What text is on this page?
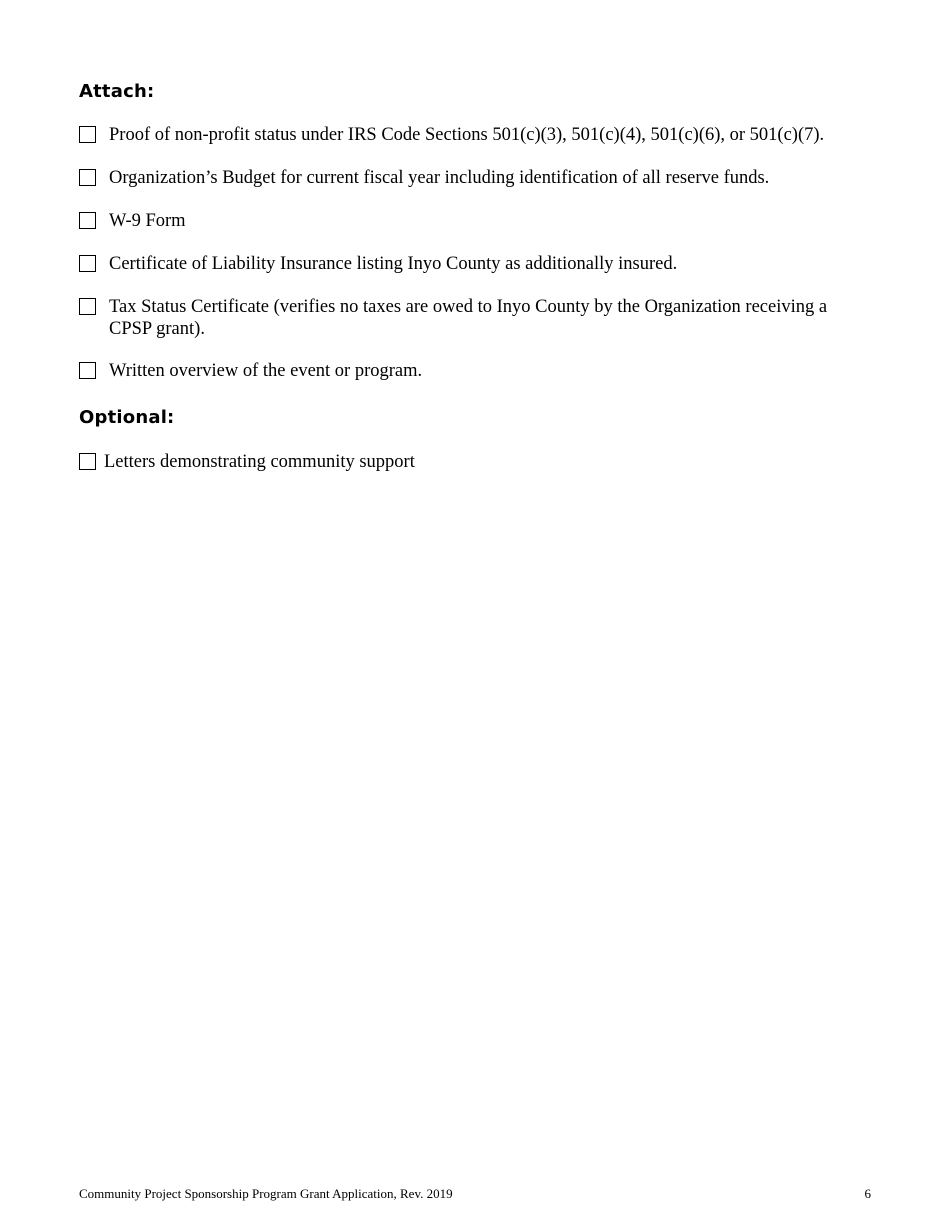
Attach:
Proof of non-profit status under IRS Code Sections 501(c)(3), 501(c)(4), 501(c)(6), or 501(c)(7).
Organization’s Budget for current fiscal year including identification of all reserve funds.
W-9 Form
Certificate of Liability Insurance listing Inyo County as additionally insured.
Tax Status Certificate (verifies no taxes are owed to Inyo County by the Organization receiving a CPSP grant).
Written overview of the event or program.
Optional:
Letters demonstrating community support
Community Project Sponsorship Program Grant Application, Rev. 2019	6
